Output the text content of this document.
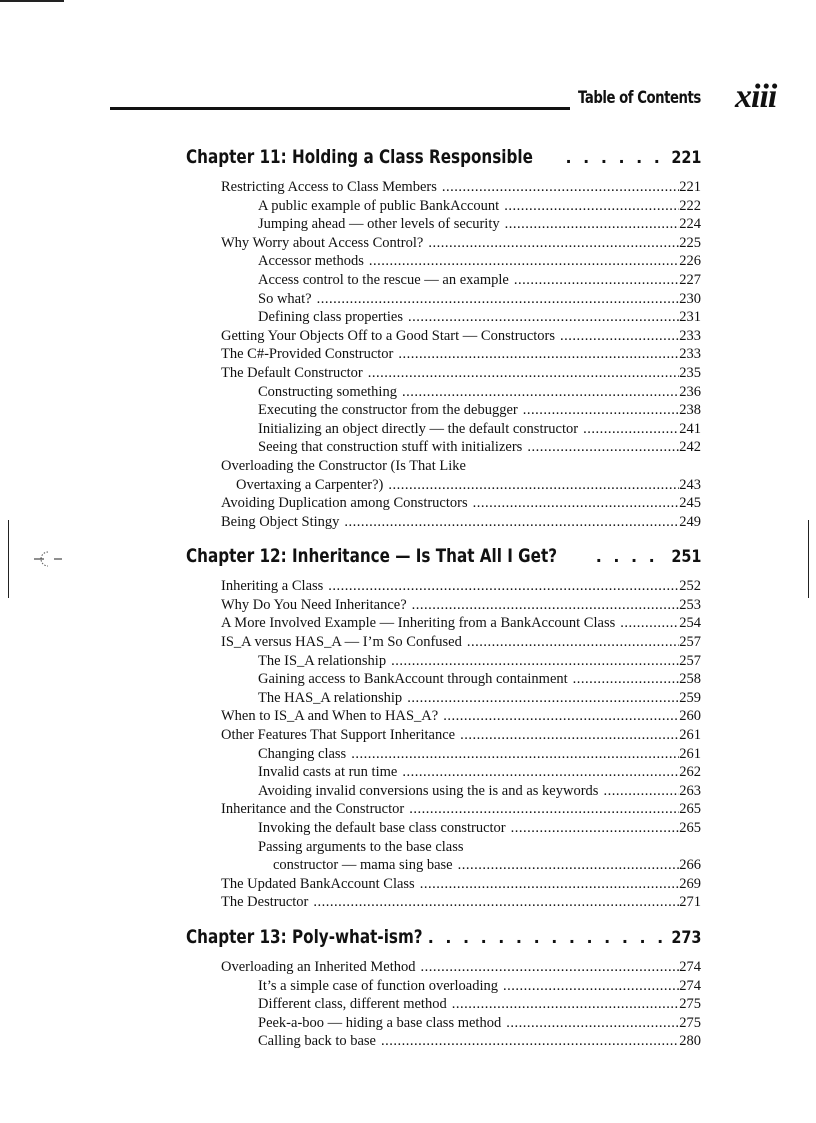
Table of Contents xiii
Chapter 11: Holding a Class Responsible . . .	221
Restricting Access to Class Members .....	221
A public example of public BankAccount .....	222
Jumping ahead — other levels of security .....	224
Why Worry about Access Control? .....	225
Accessor methods .....	226
Access control to the rescue — an example .....	227
So what? .....	230
Defining class properties .....	231
Getting Your Objects Off to a Good Start — Constructors .....	233
The C#-Provided Constructor .....	233
The Default Constructor .....	235
Constructing something .....	236
Executing the constructor from the debugger .....	238
Initializing an object directly — the default constructor .....	241
Seeing that construction stuff with initializers .....	242
Overloading the Constructor (Is That Like
Overtaxing a Carpenter?) .....	243
Avoiding Duplication among Constructors .....	245
Being Object Stingy .....	249
Chapter 12: Inheritance — Is That All I Get? . . .	251
Inheriting a Class .....	252
Why Do You Need Inheritance? .....	253
A More Involved Example — Inheriting from a BankAccount Class .....	254
IS_A versus HAS_A — I’m So Confused .....	257
The IS_A relationship .....	257
Gaining access to BankAccount through containment .....	258
The HAS_A relationship .....	259
When to IS_A and When to HAS_A? .....	260
Other Features That Support Inheritance .....	261
Changing class .....	261
Invalid casts at run time .....	262
Avoiding invalid conversions using the is and as keywords .....	263
Inheritance and the Constructor .....	265
Invoking the default base class constructor .....	265
Passing arguments to the base class
constructor — mama sing base .....	266
The Updated BankAccount Class .....	269
The Destructor .....	271
Chapter 13: Poly-what-ism? . . .	273
Overloading an Inherited Method .....	274
It’s a simple case of function overloading .....	274
Different class, different method .....	275
Peek-a-boo — hiding a base class method .....	275
Calling back to base .....	280
